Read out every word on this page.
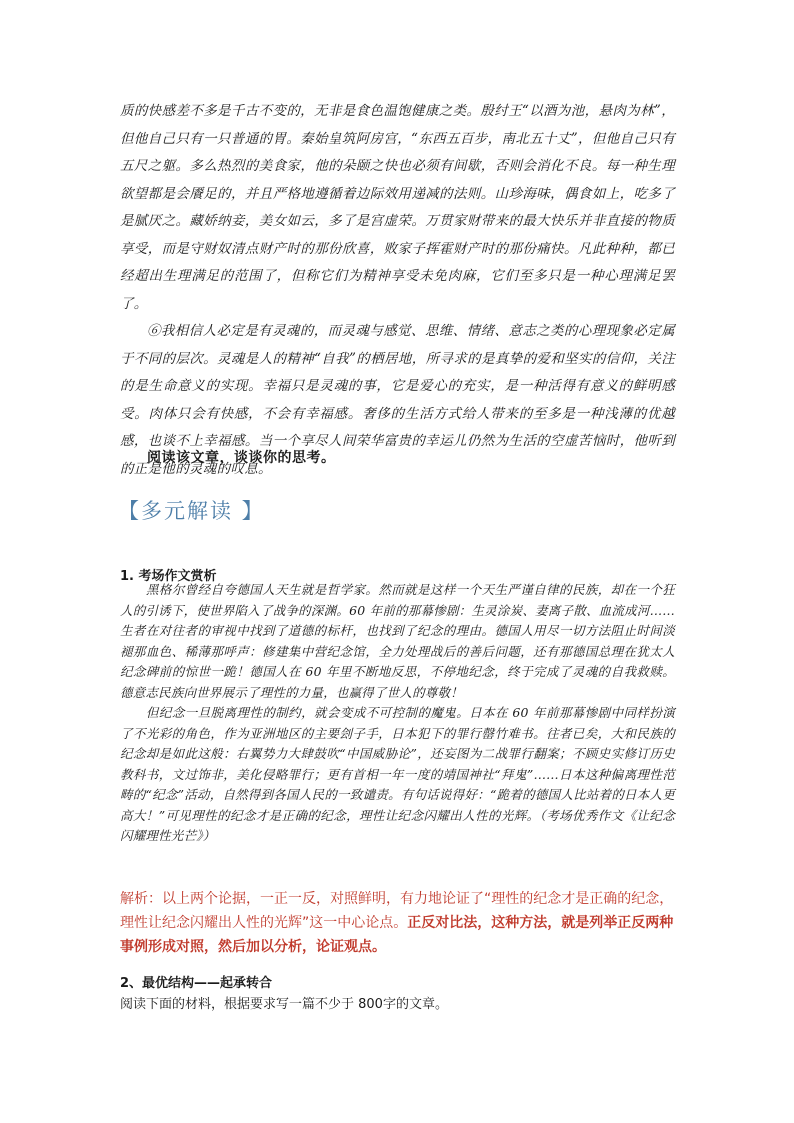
质的快感差不多是千古不变的，无非是食色温饱健康之类。殷纣王“以酒为池，悬肉为林”，但他自己只有一只普通的胃。秦始皇筑阿房宫，“东西五百步，南北五十丈”，但他自己只有五尺之躯。多么热烈的美食家，他的朵颐之快也必须有间歇，否则会消化不良。每一种生理欲望都是会餍足的，并且严格地遵循着边际效用递减的法则。山珍海味，偶食如上，吃多了是腻厌之。藏娇纳妾，美女如云，多了是宫虚荣。万贯家财带来的最大快乐并非直接的物质享受，而是守财奴清点财产时的那份欣喜，败家子挥霍财产时的那份痛快。凡此种种，都已经超出生理满足的范围了，但称它们为精神享受未免肉麻，它们至多只是一种心理满足罢了。

⑥我相信人必定是有灵魂的，而灵魂与感觉、思维、情绪、意志之类的心理现象必定属于不同的层次。灵魂是人的精神“自我”的栖居地，所寻求的是真挚的爱和坚实的信仰，关注的是生命意义的实现。幸福只是灵魂的事，它是爱心的充实，是一种活得有意义的鲜明感受。肉体只会有快感，不会有幸福感。奢侈的生活方式给人带来的至多是一种浅薄的优越感，也谈不上幸福感。当一个享尽人间荣华富贵的幸运儿仍然为生活的空虚苦恼时，他听到的正是他的灵魂的叹息。

阅读该文章，谈谈你的思考。
【多元解读 】
1. 考场作文赏析

黑格尔曾经自夸德国人天生就是哲学家。然而就是这样一个天生严谨自律的民族，却在一个狂人的引诱下，使世界陷入了战争的深渊。60 年前的那幕惨剧：生灵涂炭、妻离子散、血流成河……生者在对往者的审视中找到了道德的标杆，也找到了纪念的理由。德国人用尽一切方法阻止时间淡褪那血色、稀薄那呼声：修建集中营纪念馆，全力处理战后的善后问题，还有那德国总理在犹太人纪念碑前的惊世一跪！德国人在 60 年里不断地反思，不停地纪念，终于完成了灵魂的自我救赎。德意志民族向世界展示了理性的力量，也赢得了世人的尊敬！

但纪念一旦脱离理性的制约，就会变成不可控制的魔鬼。日本在 60 年前那幕惨剧中同样扮演了不光彩的角色，作为亚洲地区的主要刽子手，日本犯下的罪行罄竹难书。往者已矣，大和民族的纪念却是如此这般：右翼势力大肆鼓吹“中国威胁论”，还妄图为二战罪行翻案；不顾史实修订历史教科书，文过饰非，美化侵略罪行；更有首相一年一度的靖国神社“拜鬼”……日本这种偏离理性范畴的“纪念”活动，自然得到各国人民的一致谴责。有句话说得好：“跪着的德国人比站着的日本人更高大！”可见理性的纪念才是正确的纪念，理性让纪念闪耀出人性的光辉。（考场优秀作文《让纪念闪耀理性光芒》）

解析：以上两个论据，一正一反，对照鲜明，有力地论证了“理性的纪念才是正确的纪念，理性让纪念闪耀出人性的光辉”这一中心论点。正反对比法，这种方法，就是列举正反两种事例形成对照，然后加以分析，论证观点。
2、最优结构——起承转合
阅读下面的材料，根据要求写一篇不少于 800字的文章。
